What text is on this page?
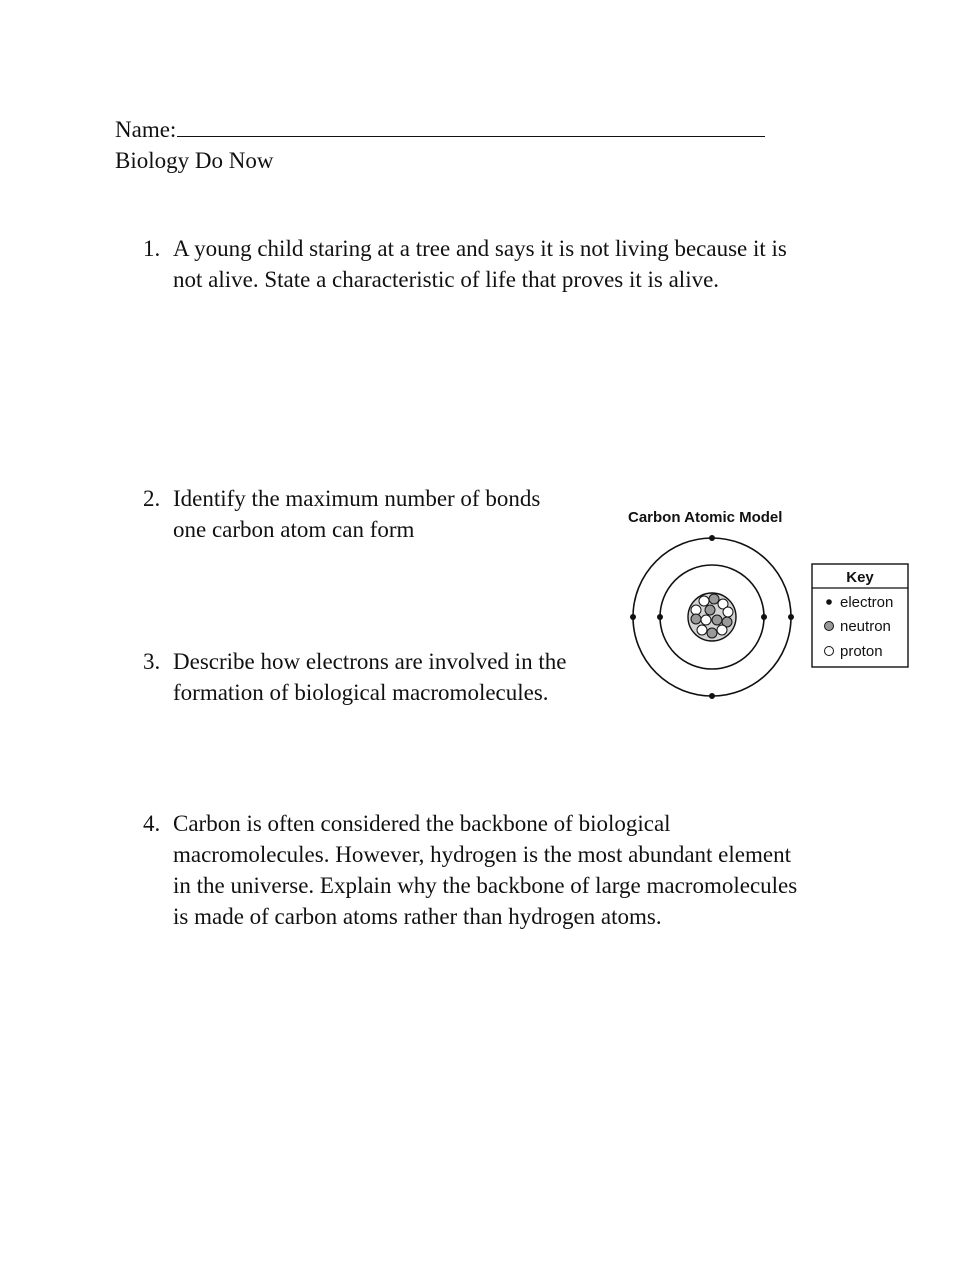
Name:
Biology Do Now
1. A young child staring at a tree and says it is not living because it is
not alive. State a characteristic of life that proves it is alive.
2. Identify the maximum number of bonds
one carbon atom can form
3. Describe how electrons are involved in the
formation of biological macromolecules.
4. Carbon is often considered the backbone of biological
macromolecules. However, hydrogen is the most abundant element
in the universe. Explain why the backbone of large macromolecules
is made of carbon atoms rather than hydrogen atoms.
Carbon Atomic Model
Key
electron
neutron
proton
